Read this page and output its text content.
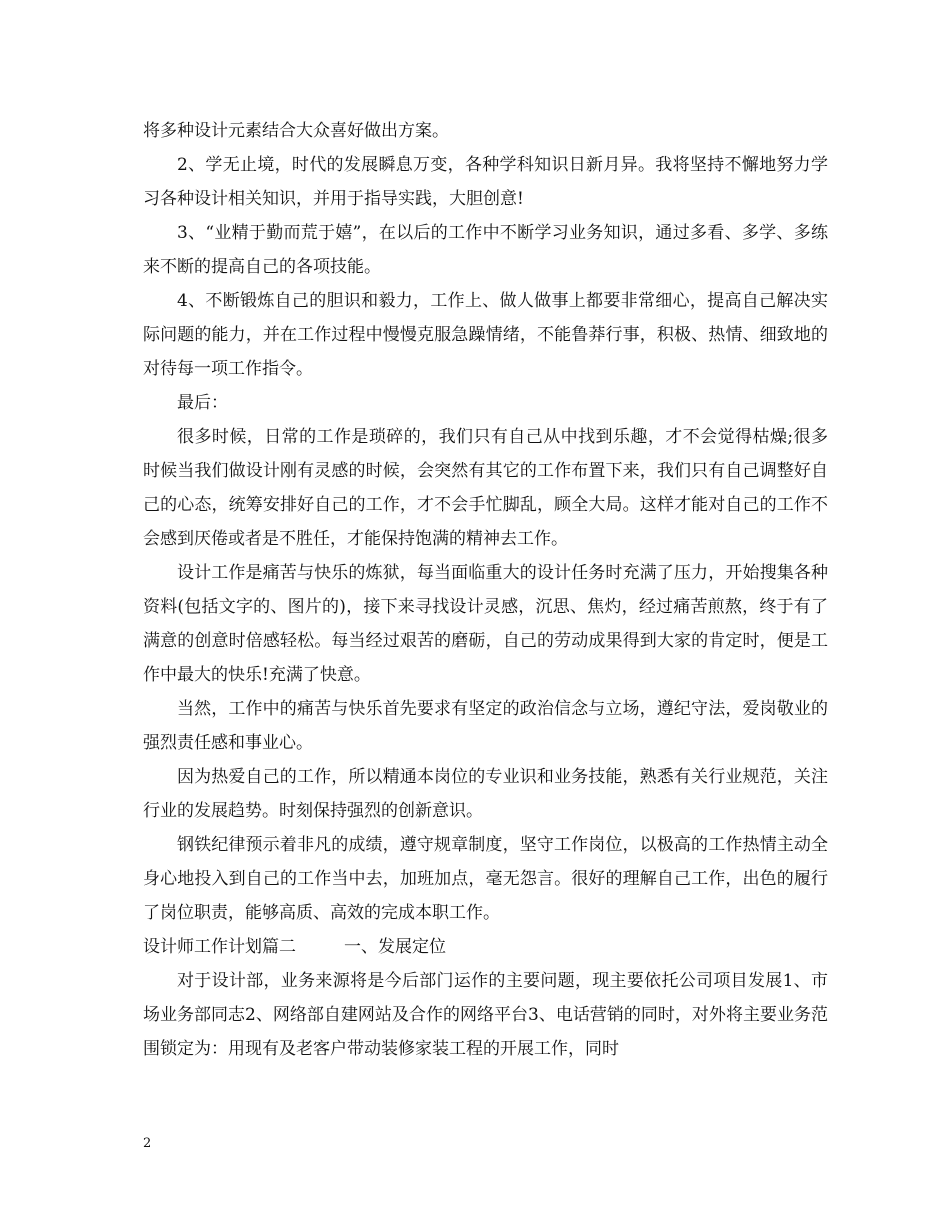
将多种设计元素结合大众喜好做出方案。

2、学无止境，时代的发展瞬息万变，各种学科知识日新月异。我将坚持不懈地努力学习各种设计相关知识，并用于指导实践，大胆创意!

3、“业精于勤而荒于嬉”，在以后的工作中不断学习业务知识，通过多看、多学、多练来不断的提高自己的各项技能。

4、不断锻炼自己的胆识和毅力，工作上、做人做事上都要非常细心，提高自己解决实际问题的能力，并在工作过程中慢慢克服急躁情绪，不能鲁莽行事，积极、热情、细致地的对待每一项工作指令。

最后：

很多时候，日常的工作是琐碎的，我们只有自己从中找到乐趣，才不会觉得枯燥;很多时候当我们做设计刚有灵感的时候，会突然有其它的工作布置下来，我们只有自己调整好自己的心态，统筹安排好自己的工作，才不会手忙脚乱，顾全大局。这样才能对自己的工作不会感到厌倦或者是不胜任，才能保持饱满的精神去工作。

设计工作是痛苦与快乐的炼狱，每当面临重大的设计任务时充满了压力，开始搜集各种资料(包括文字的、图片的)，接下来寻找设计灵感，沉思、焦灼，经过痛苦煎熬，终于有了满意的创意时倍感轻松。每当经过艰苦的磨砺，自己的劳动成果得到大家的肯定时，便是工作中最大的快乐!充满了快意。

当然，工作中的痛苦与快乐首先要求有坚定的政治信念与立场，遵纪守法，爱岗敬业的强烈责任感和事业心。

因为热爱自己的工作，所以精通本岗位的专业识和业务技能，熟悉有关行业规范，关注行业的发展趋势。时刻保持强烈的创新意识。

钢铁纪律预示着非凡的成绩，遵守规章制度，坚守工作岗位，以极高的工作热情主动全身心地投入到自己的工作当中去，加班加点，毫无怨言。很好的理解自己工作，出色的履行了岗位职责，能够高质、高效的完成本职工作。

设计师工作计划篇二	一、发展定位

对于设计部，业务来源将是今后部门运作的主要问题，现主要依托公司项目发展1、市场业务部同志2、网络部自建网站及合作的网络平台3、电话营销的同时，对外将主要业务范围锁定为：用现有及老客户带动装修家装工程的开展工作，同时

2
